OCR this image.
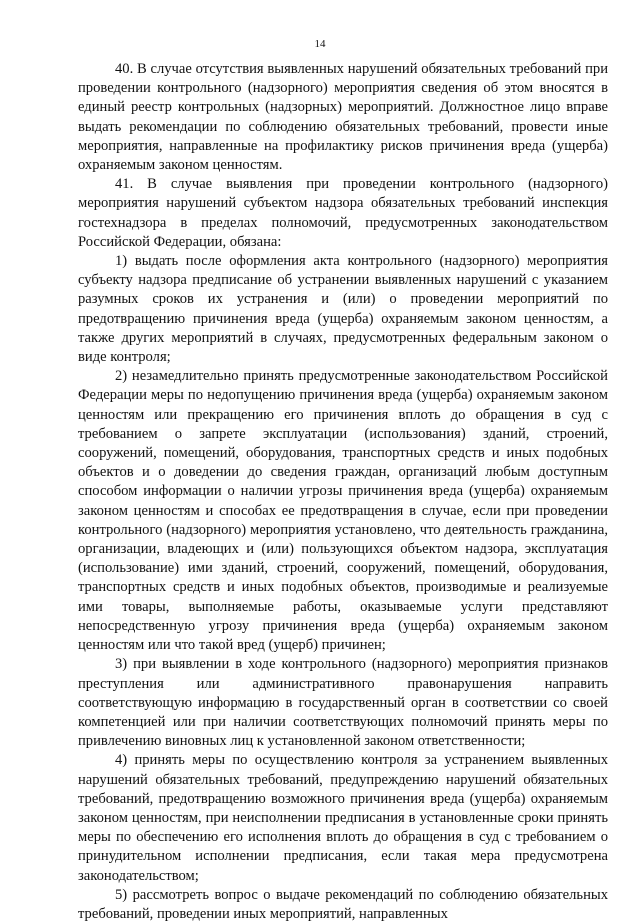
14

40. В случае отсутствия выявленных нарушений обязательных требований при проведении контрольного (надзорного) мероприятия сведения об этом вносятся в единый реестр контрольных (надзорных) мероприятий. Должностное лицо вправе выдать рекомендации по соблюдению обязательных требований, провести иные мероприятия, направленные на профилактику рисков причинения вреда (ущерба) охраняемым законом ценностям.

41. В случае выявления при проведении контрольного (надзорного) мероприятия нарушений субъектом надзора обязательных требований инспекция гостехнадзора в пределах полномочий, предусмотренных законодательством Российской Федерации, обязана:

1) выдать после оформления акта контрольного (надзорного) мероприятия субъекту надзора предписание об устранении выявленных нарушений с указанием разумных сроков их устранения и (или) о проведении мероприятий по предотвращению причинения вреда (ущерба) охраняемым законом ценностям, а также других мероприятий в случаях, предусмотренных федеральным законом о виде контроля;

2) незамедлительно принять предусмотренные законодательством Российской Федерации меры по недопущению причинения вреда (ущерба) охраняемым законом ценностям или прекращению его причинения вплоть до обращения в суд с требованием о запрете эксплуатации (использования) зданий, строений, сооружений, помещений, оборудования, транспортных средств и иных подобных объектов и о доведении до сведения граждан, организаций любым доступным способом информации о наличии угрозы причинения вреда (ущерба) охраняемым законом ценностям и способах ее предотвращения в случае, если при проведении контрольного (надзорного) мероприятия установлено, что деятельность гражданина, организации, владеющих и (или) пользующихся объектом надзора, эксплуатация (использование) ими зданий, строений, сооружений, помещений, оборудования, транспортных средств и иных подобных объектов, производимые и реализуемые ими товары, выполняемые работы, оказываемые услуги представляют непосредственную угрозу причинения вреда (ущерба) охраняемым законом ценностям или что такой вред (ущерб) причинен;

3) при выявлении в ходе контрольного (надзорного) мероприятия признаков преступления или административного правонарушения направить соответствующую информацию в государственный орган в соответствии со своей компетенцией или при наличии соответствующих полномочий принять меры по привлечению виновных лиц к установленной законом ответственности;

4) принять меры по осуществлению контроля за устранением выявленных нарушений обязательных требований, предупреждению нарушений обязательных требований, предотвращению возможного причинения вреда (ущерба) охраняемым законом ценностям, при неисполнении предписания в установленные сроки принять меры по обеспечению его исполнения вплоть до обращения в суд с требованием о принудительном исполнении предписания, если такая мера предусмотрена законодательством;

5) рассмотреть вопрос о выдаче рекомендаций по соблюдению обязательных требований, проведении иных мероприятий, направленных
